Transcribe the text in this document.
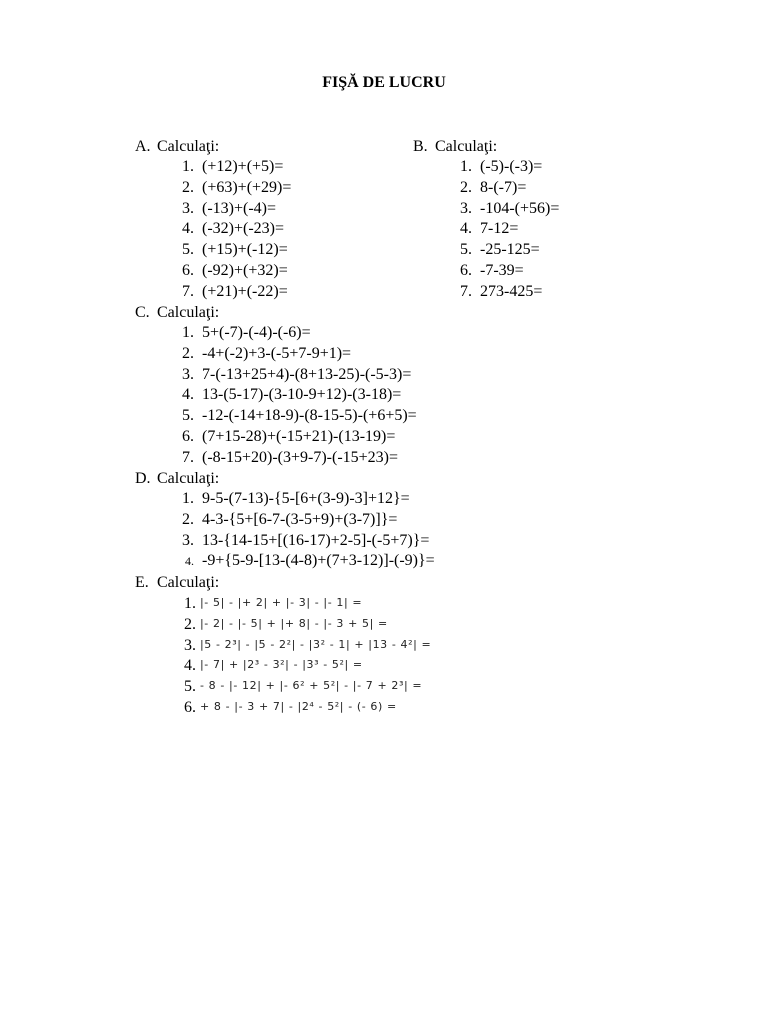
FIŞĂ DE LUCRU
A. Calculaţi:
1. (+12)+(+5)=
2. (+63)+(+29)=
3. (-13)+(-4)=
4. (-32)+(-23)=
5. (+15)+(-12)=
6. (-92)+(+32)=
7. (+21)+(-22)=
B. Calculaţi:
1. (-5)-(-3)=
2. 8-(-7)=
3. -104-(+56)=
4. 7-12=
5. -25-125=
6. -7-39=
7. 273-425=
C. Calculaţi:
1. 5+(-7)-(-4)-(-6)=
2. -4+(-2)+3-(-5+7-9+1)=
3. 7-(-13+25+4)-(8+13-25)-(-5-3)=
4. 13-(5-17)-(3-10-9+12)-(3-18)=
5. -12-(-14+18-9)-(8-15-5)-(+6+5)=
6. (7+15-28)+(-15+21)-(13-19)=
7. (-8-15+20)-(3+9-7)-(-15+23)=
D. Calculaţi:
1. 9-5-(7-13)-{5-[6+(3-9)-3]+12}=
2. 4-3-{5+[6-7-(3-5+9)+(3-7)]}=
3. 13-{14-15+[(16-17)+2-5]-(-5+7)}=
4. -9+{5-9-[13-(4-8)+(7+3-12)]-(-9)}=
E. Calculaţi:
1. |- 5| - |+ 2| + |- 3| - |- 1| =
2. |- 2| - |- 5| + |+ 8| - |- 3 + 5| =
3. |5 - 2³| - |5 - 2²| - |3² - 1| + |13 - 4²| =
4. |- 7| + |2³ - 3²| - |3³ - 5²| =
5. - 8 - |- 12| + |- 6² + 5²| - |- 7 + 2³| =
6. + 8 - |- 3 + 7| - |2⁴ - 5²| - (- 6) =
